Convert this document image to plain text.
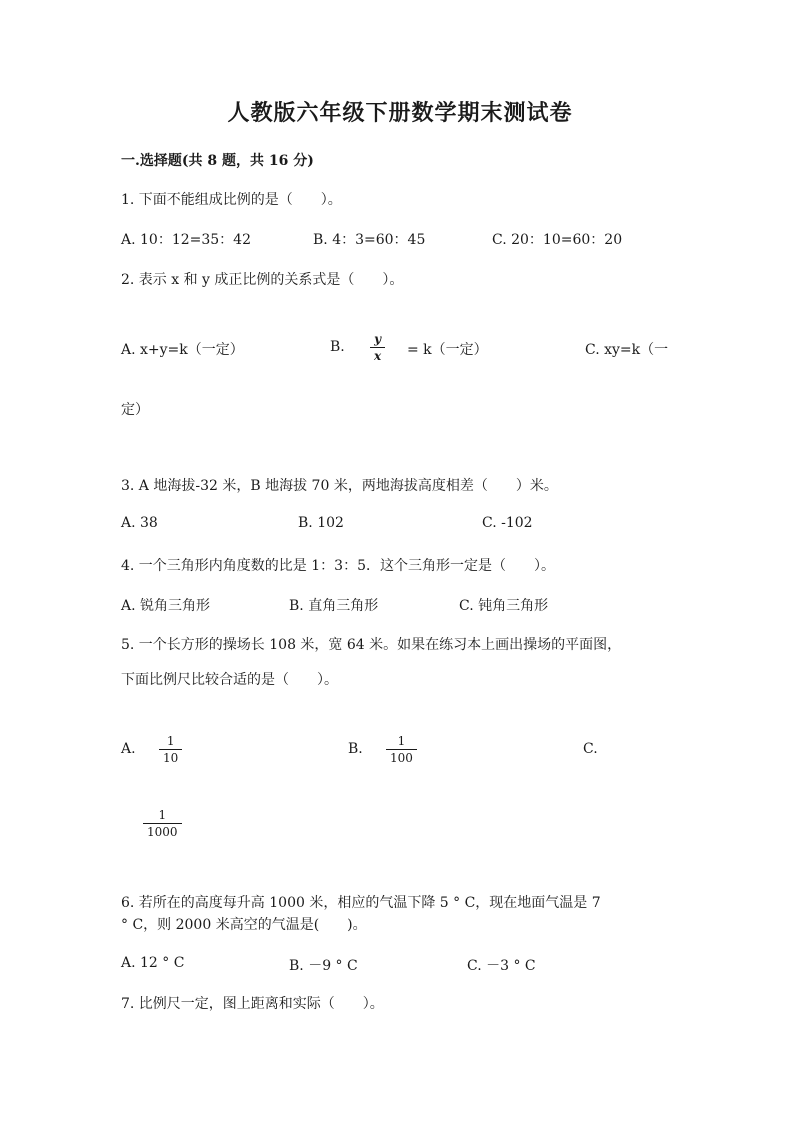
人教版六年级下册数学期末测试卷
一.选择题(共 8 题，共 16 分)
1. 下面不能组成比例的是（　　）。
A. 10：12=35：42	B. 4：3=60：45	C. 20：10=60：20
2. 表示 x 和 y 成正比例的关系式是（　　）。
A. x+y=k（一定）	B. $\frac{y}{x} = k$（一定）	C. xy=k（一
定）
3. A 地海拔-32 米，B 地海拔 70 米，两地海拔高度相差（　　）米。
A. 38	B. 102	C. -102
4. 一个三角形内角度数的比是 1：3：5．这个三角形一定是（　　）。
A. 锐角三角形	B. 直角三角形	C. 钝角三角形
5. 一个长方形的操场长 108 米，宽 64 米。如果在练习本上画出操场的平面图，
下面比例尺比较合适的是（　　）。
A. $\frac{1}{10}$	B. $\frac{1}{100}$	C.
$\frac{1}{1000}$
6. 若所在的高度每升高 1000 米，相应的气温下降 5 ° C，现在地面气温是 7
° C，则 2000 米高空的气温是(　　)。
A. 12 ° C	B. －9 ° C	C. －3 ° C
7. 比例尺一定，图上距离和实际（　　）。
